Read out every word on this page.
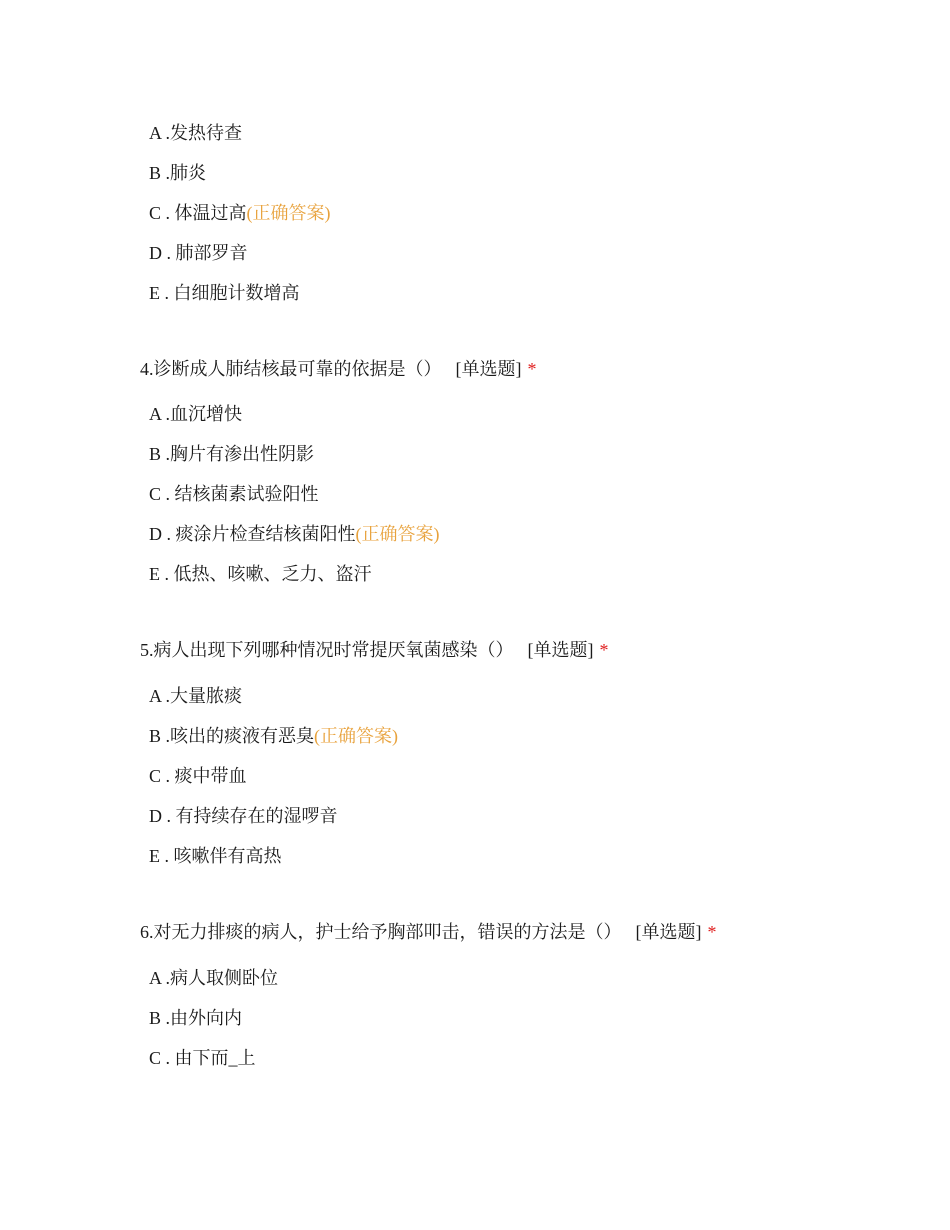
A .发热待查
B .肺炎
C . 体温过高(正确答案)
D . 肺部罗音
E . 白细胞计数增高
4.诊断成人肺结核最可靠的依据是（） [单选题] *
A .血沉增快
B .胸片有渗出性阴影
C . 结核菌素试验阳性
D . 痰涂片检查结核菌阳性(正确答案)
E . 低热、咳嗽、乏力、盗汗
5.病人出现下列哪种情况时常提厌氧菌感染（） [单选题] *
A .大量脓痰
B .咳出的痰液有恶臭(正确答案)
C . 痰中带血
D . 有持续存在的湿啰音
E . 咳嗽伴有高热
6.对无力排痰的病人，护士给予胸部叩击，错误的方法是（） [单选题] *
A .病人取侧卧位
B .由外向内
C . 由下而_上
